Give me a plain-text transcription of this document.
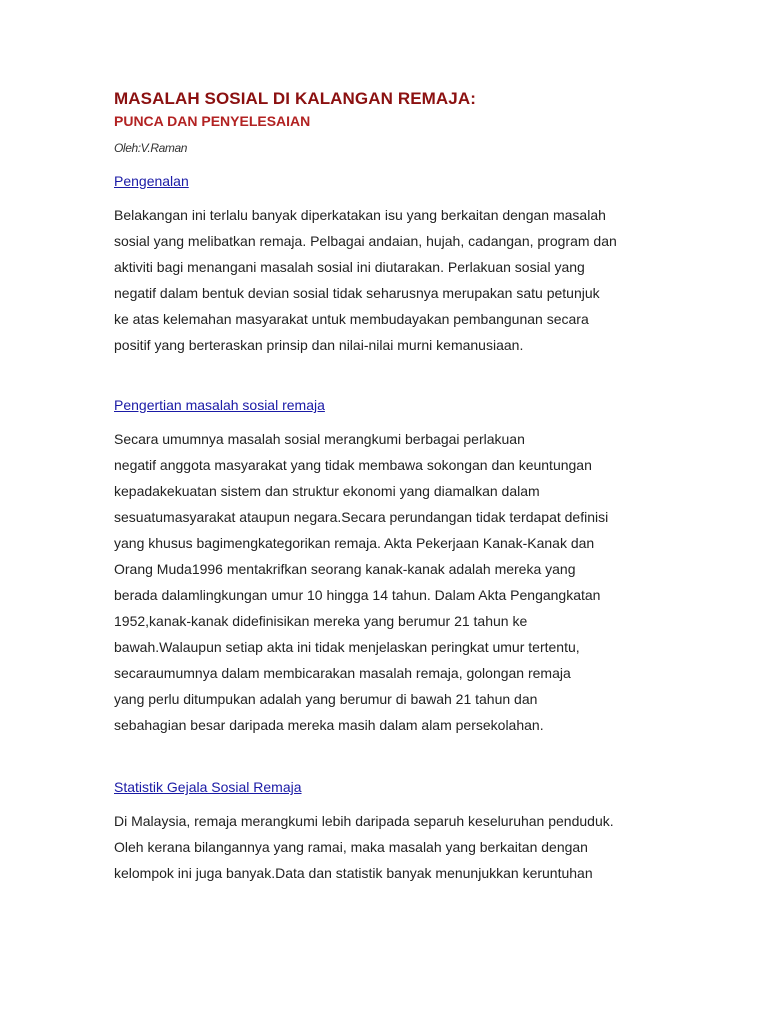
MASALAH SOSIAL DI KALANGAN REMAJA:
PUNCA DAN PENYELESAIAN

Oleh:V.Raman

Pengenalan

Belakangan ini terlalu banyak diperkatakan isu yang berkaitan dengan masalah
sosial yang melibatkan remaja. Pelbagai andaian, hujah, cadangan, program dan
aktiviti bagi menangani masalah sosial ini diutarakan. Perlakuan sosial yang
negatif dalam bentuk devian sosial tidak seharusnya merupakan satu petunjuk
ke atas kelemahan masyarakat untuk membudayakan pembangunan secara
positif yang berteraskan prinsip dan nilai-nilai murni kemanusiaan.

Pengertian masalah sosial remaja

Secara umumnya masalah sosial merangkumi berbagai perlakuan
negatif anggota masyarakat yang tidak membawa sokongan dan keuntungan
kepadakekuatan sistem dan struktur ekonomi yang diamalkan dalam
sesuatumasyarakat ataupun negara.Secara perundangan tidak terdapat definisi
yang khusus bagimengkategorikan remaja. Akta Pekerjaan Kanak-Kanak dan
Orang Muda1996 mentakrifkan seorang kanak-kanak adalah mereka yang
berada dalamlingkungan umur 10 hingga 14 tahun. Dalam Akta Pengangkatan
1952,kanak-kanak didefinisikan mereka yang berumur 21 tahun ke
bawah.Walaupun setiap akta ini tidak menjelaskan peringkat umur tertentu,
secaraumumnya dalam membicarakan masalah remaja, golongan remaja
yang perlu ditumpukan adalah yang berumur di bawah 21 tahun dan
sebahagian besar daripada mereka masih dalam alam persekolahan.

Statistik Gejala Sosial Remaja

Di Malaysia, remaja merangkumi lebih daripada separuh keseluruhan penduduk.
Oleh kerana bilangannya yang ramai, maka masalah yang berkaitan dengan
kelompok ini juga banyak.Data dan statistik banyak menunjukkan keruntuhan
